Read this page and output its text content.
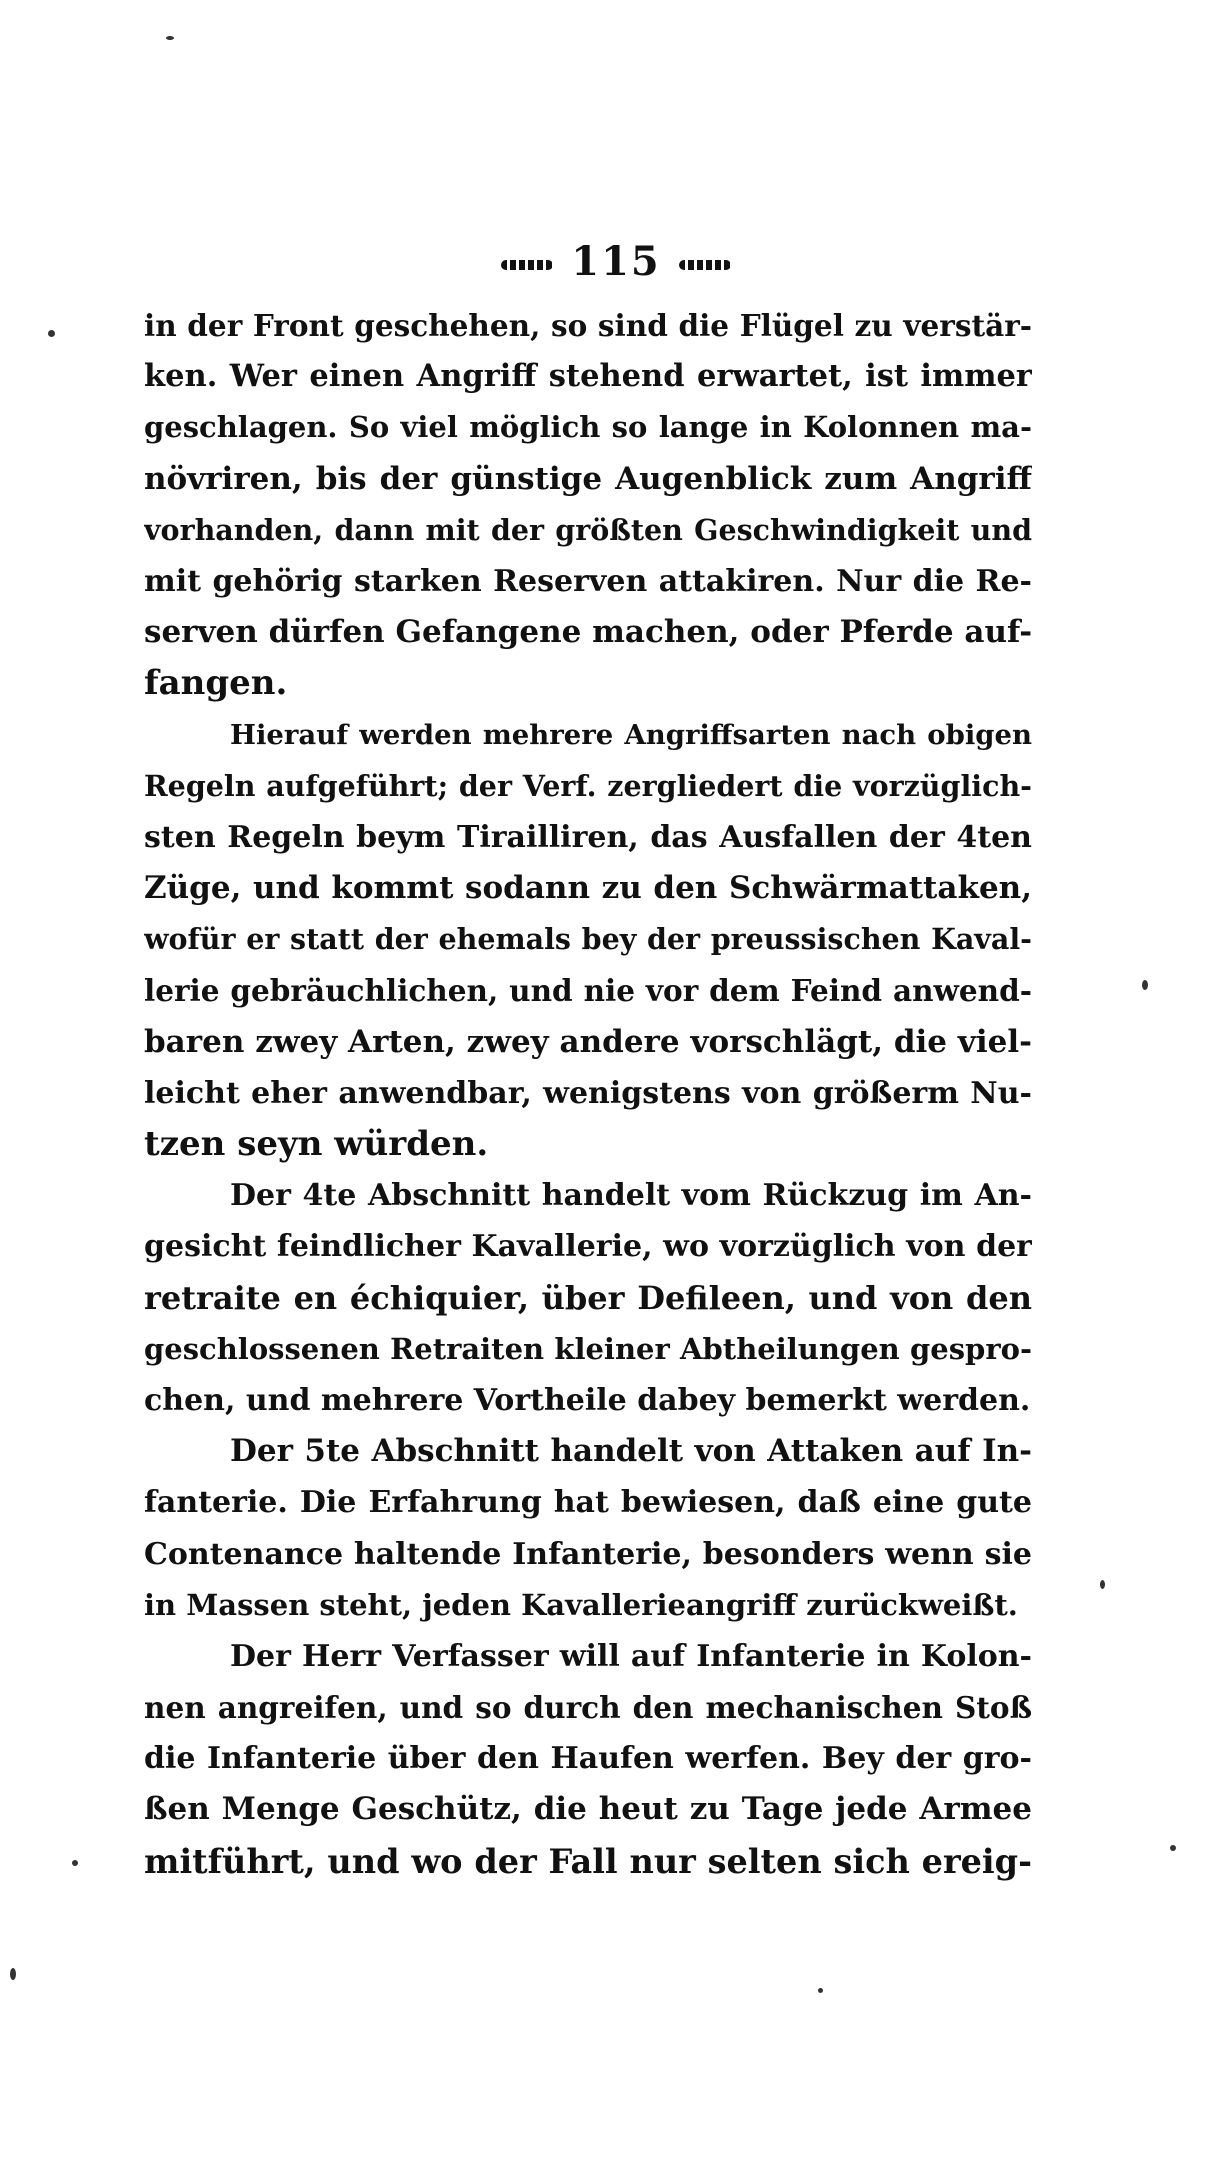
115
in der Front geschehen, so sind die Flügel zu verstär-
ken. Wer einen Angriff stehend erwartet, ist immer
geschlagen. So viel möglich so lange in Kolonnen ma-
növriren, bis der günstige Augenblick zum Angriff
vorhanden, dann mit der größten Geschwindigkeit und
mit gehörig starken Reserven attakiren. Nur die Re-
serven dürfen Gefangene machen, oder Pferde auf-
fangen.
Hierauf werden mehrere Angriffsarten nach obigen
Regeln aufgeführt; der Verf. zergliedert die vorzüglich-
sten Regeln beym Tirailliren, das Ausfallen der 4ten
Züge, und kommt sodann zu den Schwärmattaken,
wofür er statt der ehemals bey der preussischen Kaval-
lerie gebräuchlichen, und nie vor dem Feind anwend-
baren zwey Arten, zwey andere vorschlägt, die viel-
leicht eher anwendbar, wenigstens von größerm Nu-
tzen seyn würden.
Der 4te Abschnitt handelt vom Rückzug im An-
gesicht feindlicher Kavallerie, wo vorzüglich von der
retraite en échiquier, über Defileen, und von den
geschlossenen Retraiten kleiner Abtheilungen gespro-
chen, und mehrere Vortheile dabey bemerkt werden.
Der 5te Abschnitt handelt von Attaken auf In-
fanterie. Die Erfahrung hat bewiesen, daß eine gute
Contenance haltende Infanterie, besonders wenn sie
in Massen steht, jeden Kavallerieangriff zurückweißt.
Der Herr Verfasser will auf Infanterie in Kolon-
nen angreifen, und so durch den mechanischen Stoß
die Infanterie über den Haufen werfen. Bey der gro-
ßen Menge Geschütz, die heut zu Tage jede Armee
mitführt, und wo der Fall nur selten sich ereig-
